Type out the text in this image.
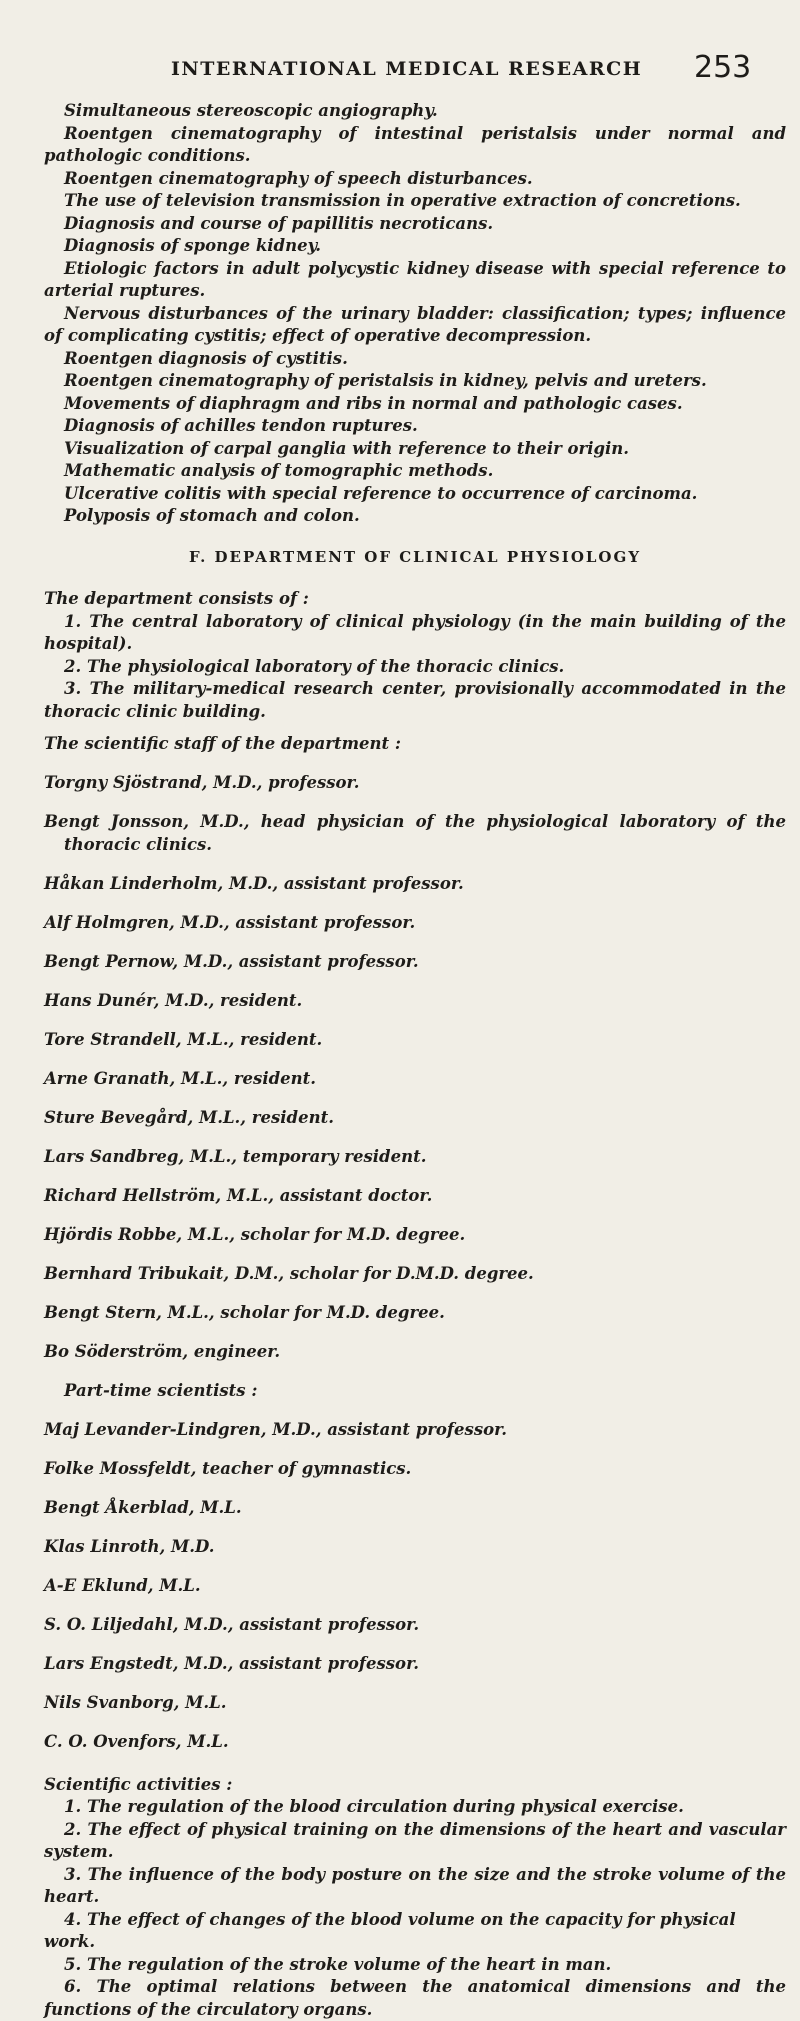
INTERNATIONAL MEDICAL RESEARCH 253

Simultaneous stereoscopic angiography.

Roentgen cinematography of intestinal peristalsis under normal and pathologic conditions.

Roentgen cinematography of speech disturbances.

The use of television transmission in operative extraction of concretions.

Diagnosis and course of papillitis necroticans.

Diagnosis of sponge kidney.

Etiologic factors in adult polycystic kidney disease with special reference to arterial ruptures.

Nervous disturbances of the urinary bladder: classification; types; influence of complicating cystitis; effect of operative decompression.

Roentgen diagnosis of cystitis.

Roentgen cinematography of peristalsis in kidney, pelvis and ureters.

Movements of diaphragm and ribs in normal and pathologic cases.

Diagnosis of achilles tendon ruptures.

Visualization of carpal ganglia with reference to their origin.

Mathematic analysis of tomographic methods.

Ulcerative colitis with special reference to occurrence of carcinoma.

Polyposis of stomach and colon.

F. DEPARTMENT OF CLINICAL PHYSIOLOGY

The department consists of :

1. The central laboratory of clinical physiology (in the main building of the hospital).

2. The physiological laboratory of the thoracic clinics.

3. The military-medical research center, provisionally accommodated in the thoracic clinic building.

The scientific staff of the department :

Torgny Sjöstrand, M.D., professor.

Bengt Jonsson, M.D., head physician of the physiological laboratory of the thoracic clinics.

Håkan Linderholm, M.D., assistant professor.

Alf Holmgren, M.D., assistant professor.

Bengt Pernow, M.D., assistant professor.

Hans Dunér, M.D., resident.

Tore Strandell, M.L., resident.

Arne Granath, M.L., resident.

Sture Bevegård, M.L., resident.

Lars Sandbreg, M.L., temporary resident.

Richard Hellström, M.L., assistant doctor.

Hjördis Robbe, M.L., scholar for M.D. degree.

Bernhard Tribukait, D.M., scholar for D.M.D. degree.

Bengt Stern, M.L., scholar for M.D. degree.

Bo Söderström, engineer.

Part-time scientists :

Maj Levander-Lindgren, M.D., assistant professor.

Folke Mossfeldt, teacher of gymnastics.

Bengt Åkerblad, M.L.

Klas Linroth, M.D.

A-E Eklund, M.L.

S. O. Liljedahl, M.D., assistant professor.

Lars Engstedt, M.D., assistant professor.

Nils Svanborg, M.L.

C. O. Ovenfors, M.L.

Scientific activities :

1. The regulation of the blood circulation during physical exercise.

2. The effect of physical training on the dimensions of the heart and vascular system.

3. The influence of the body posture on the size and the stroke volume of the heart.

4. The effect of changes of the blood volume on the capacity for physical work.

5. The regulation of the stroke volume of the heart in man.

6. The optimal relations between the anatomical dimensions and the functions of the circulatory organs.
